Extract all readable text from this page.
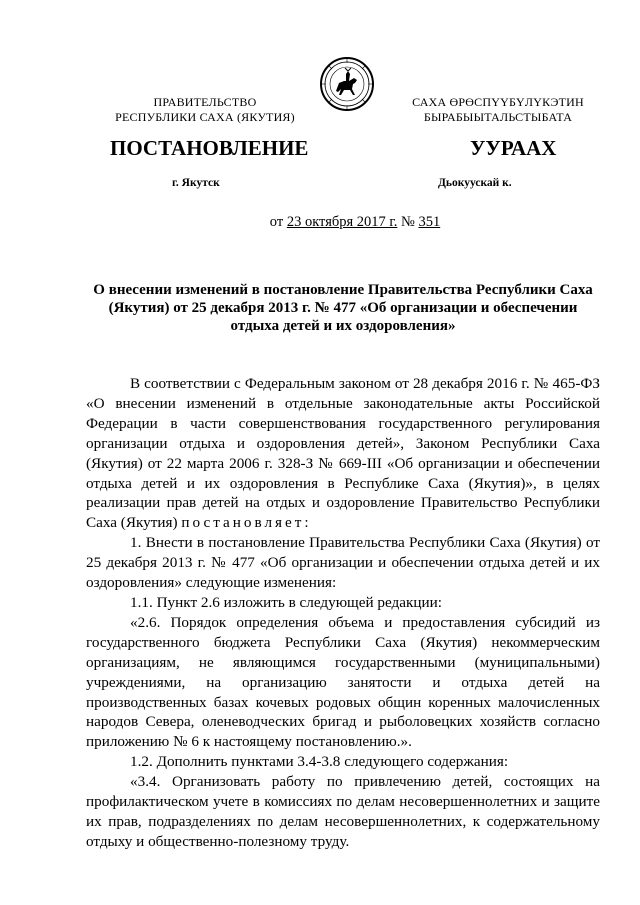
ПРАВИТЕЛЬСТВО
РЕСПУБЛИКИ САХА (ЯКУТИЯ)
САХА ӨРӨСПҮҮБҮЛҮКЭТИН
БЫРАБЫЫТАЛЬСТЫБАТА
ПОСТАНОВЛЕНИЕ	УУРААХ
г. Якутск	Дьокуускай к.
от 23 октября 2017 г. № 351
О внесении изменений в постановление Правительства Республики Саха (Якутия) от 25 декабря 2013 г. № 477 «Об организации и обеспечении отдыха детей и их оздоровления»

В соответствии с Федеральным законом от 28 декабря 2016 г. № 465-ФЗ «О внесении изменений в отдельные законодательные акты Российской Федерации в части совершенствования государственного регулирования организации отдыха и оздоровления детей», Законом Республики Саха (Якутия) от 22 марта 2006 г. 328-З № 669-III «Об организации и обеспечении отдыха детей и их оздоровления в Республике Саха (Якутия)», в целях реализации прав детей на отдых и оздоровление Правительство Республики Саха (Якутия) постановляет:

1. Внести в постановление Правительства Республики Саха (Якутия) от 25 декабря 2013 г. № 477 «Об организации и обеспечении отдыха детей и их оздоровления» следующие изменения:

1.1. Пункт 2.6 изложить в следующей редакции:

«2.6. Порядок определения объема и предоставления субсидий из государственного бюджета Республики Саха (Якутия) некоммерческим организациям, не являющимся государственными (муниципальными) учреждениями, на организацию занятости и отдыха детей на производственных базах кочевых родовых общин коренных малочисленных народов Севера, оленеводческих бригад и рыболовецких хозяйств согласно приложению № 6 к настоящему постановлению.».

1.2. Дополнить пунктами 3.4-3.8 следующего содержания:

«3.4. Организовать работу по привлечению детей, состоящих на профилактическом учете в комиссиях по делам несовершеннолетних и защите их прав, подразделениях по делам несовершеннолетних, к содержательному отдыху и общественно-полезному труду.
